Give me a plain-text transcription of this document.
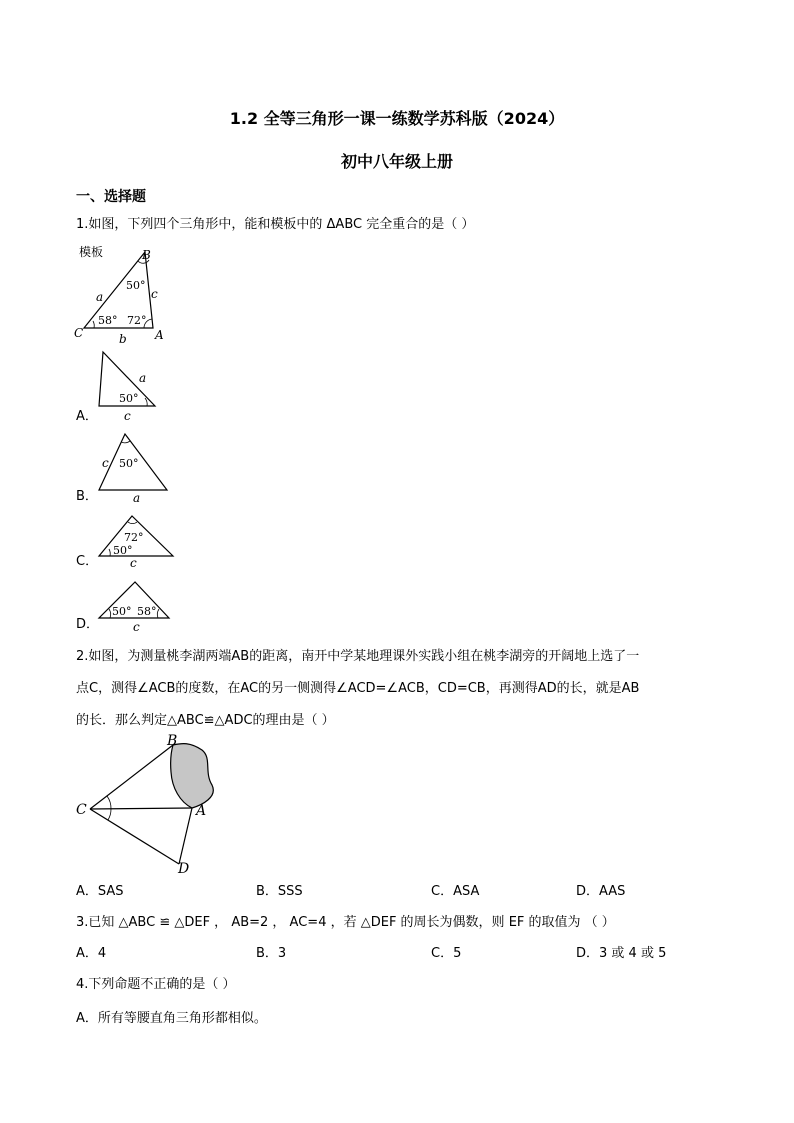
1.2 全等三角形一课一练数学苏科版（2024）
初中八年级上册
一、选择题
1.如图，下列四个三角形中，能和模板中的 ΔABC 完全重合的是（ ）
模板	B
C	A
a	c
b
50°
58° 72°
A．
a
50°
c
B．
c 50°
a
C．
72°
50°
c
D．
50° 58°
c
2.如图，为测量桃李湖两端AB的距离，南开中学某地理课外实践小组在桃李湖旁的开阔地上选了一
点C，测得∠ACB的度数，在AC的另一侧测得∠ACD=∠ACB，CD=CB，再测得AD的长，就是AB
的长．那么判定△ABC≌△ADC的理由是（ ）
B
C	A
D
A．SAS	B．SSS	C．ASA	D．AAS
3.已知 △ABC ≌ △DEF ， AB=2 ， AC=4 ，若 △DEF 的周长为偶数，则 EF 的取值为 （ ）
A．4	B．3	C．5	D．3 或 4 或 5
4.下列命题不正确的是（ ）
A．所有等腰直角三角形都相似。
